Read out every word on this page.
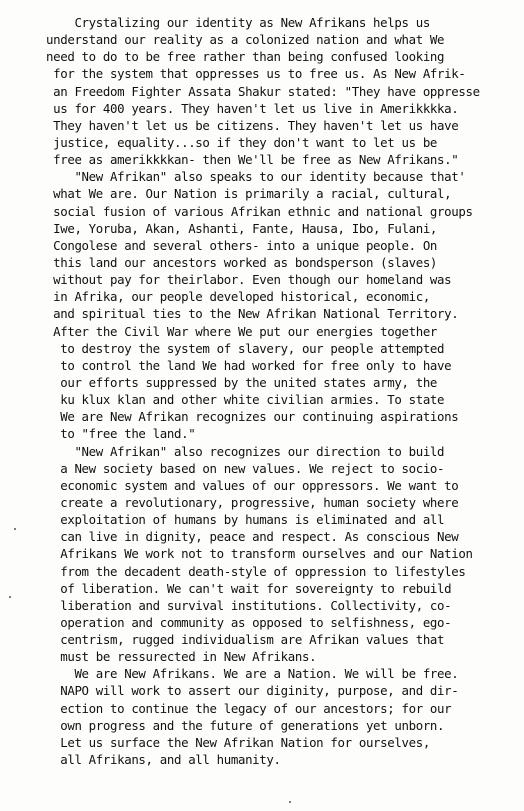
Crystalizing our identity as New Afrikans helps us
understand our reality as a colonized nation and what We
need to do to be free rather than being confused looking
for the system that oppresses us to free us. As New Afrik-
an Freedom Fighter Assata Shakur stated: "They have oppresse
us for 400 years. They haven't let us live in Amerikkkka.
They haven't let us be citizens. They haven't let us have
justice, equality...so if they don't want to let us be
free as amerikkkkan- then We'll be free as New Afrikans."
"New Afrikan" also speaks to our identity because that'
what We are. Our Nation is primarily a racial, cultural,
social fusion of various Afrikan ethnic and national groups
Iwe, Yoruba, Akan, Ashanti, Fante, Hausa, Ibo, Fulani,
Congolese and several others- into a unique people. On
this land our ancestors worked as bondsperson (slaves)
without pay for theirlabor. Even though our homeland was
in Afrika, our people developed historical, economic,
and spiritual ties to the New Afrikan National Territory.
After the Civil War where We put our energies together
to destroy the system of slavery, our people attempted
to control the land We had worked for free only to have
our efforts suppressed by the united states army, the
ku klux klan and other white civilian armies. To state
We are New Afrikan recognizes our continuing aspirations
to "free the land."
"New Afrikan" also recognizes our direction to build
a New society based on new values. We reject to socio-
economic system and values of our oppressors. We want to
create a revolutionary, progressive, human society where
exploitation of humans by humans is eliminated and all
can live in dignity, peace and respect. As conscious New
Afrikans We work not to transform ourselves and our Nation
from the decadent death-style of oppression to lifestyles
of liberation. We can't wait for sovereignty to rebuild
liberation and survival institutions. Collectivity, co-
operation and community as opposed to selfishness, ego-
centrism, rugged individualism are Afrikan values that
must be ressurected in New Afrikans.
We are New Afrikans. We are a Nation. We will be free.
NAPO will work to assert our diginity, purpose, and dir-
ection to continue the legacy of our ancestors; for our
own progress and the future of generations yet unborn.
Let us surface the New Afrikan Nation for ourselves,
all Afrikans, and all humanity.
